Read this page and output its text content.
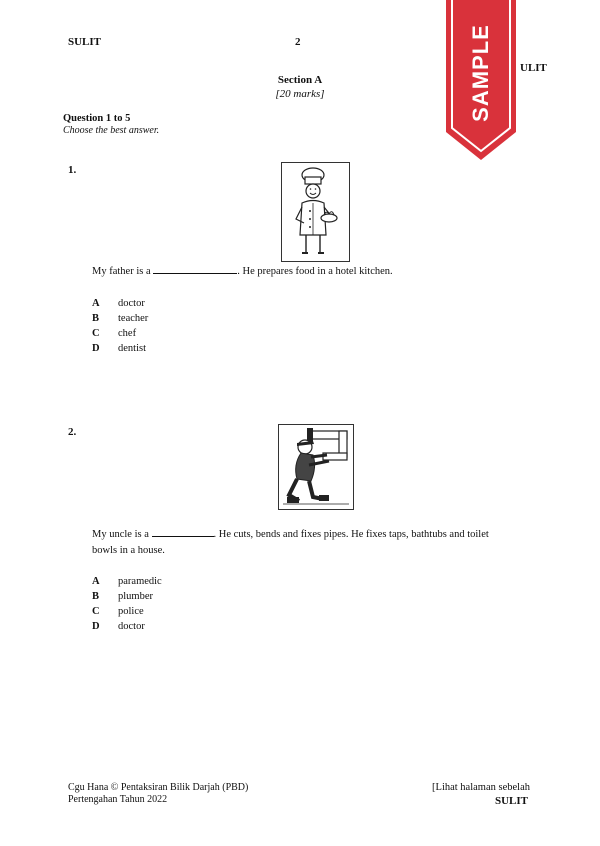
SULIT	2
ULIT
SAMPLE
Section A
[20 marks]
Question 1 to 5
Choose the best answer.
1.
My father is a	. He prepares food in a hotel kitchen.
A	doctor
B	teacher
C	chef
D	dentist
2.
My uncle is a	. He cuts, bends and fixes pipes. He fixes taps, bathtubs and toilet
bowls in a house.
A	paramedic
B	plumber
C	police
D	doctor
Cgu Hana © Pentaksiran Bilik Darjah (PBD)
Pertengahan Tahun 2022
[Lihat halaman sebelah
SULIT
